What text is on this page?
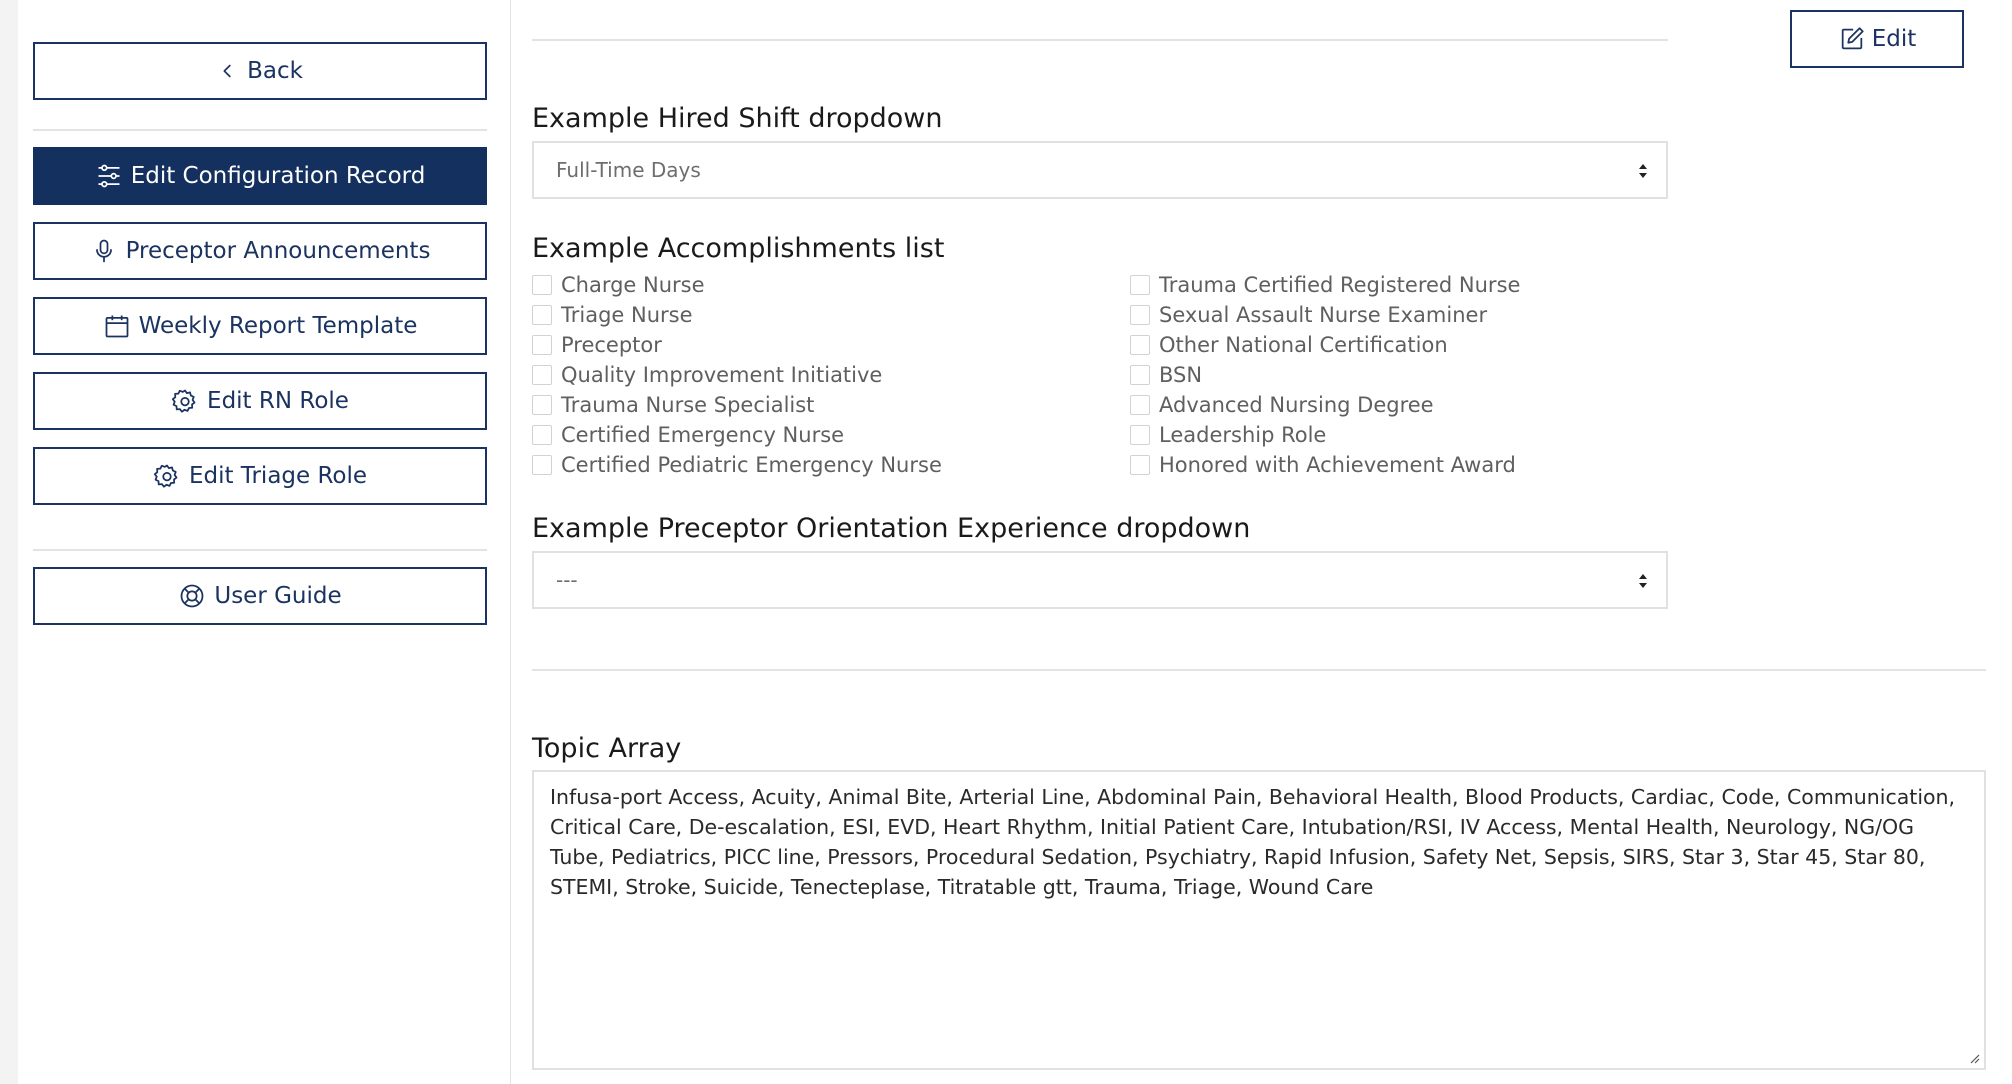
Back
Edit Configuration Record
Preceptor Announcements
Weekly Report Template
Edit RN Role
Edit Triage Role
User Guide
Edit
Example Hired Shift dropdown
Full-Time Days
Example Accomplishments list
Charge Nurse
Triage Nurse
Preceptor
Quality Improvement Initiative
Trauma Nurse Specialist
Certified Emergency Nurse
Certified Pediatric Emergency Nurse
Trauma Certified Registered Nurse
Sexual Assault Nurse Examiner
Other National Certification
BSN
Advanced Nursing Degree
Leadership Role
Honored with Achievement Award
Example Preceptor Orientation Experience dropdown
---
Topic Array
Infusa-port Access, Acuity, Animal Bite, Arterial Line, Abdominal Pain, Behavioral Health, Blood Products, Cardiac, Code, Communication, Critical Care, De-escalation, ESI, EVD, Heart Rhythm, Initial Patient Care, Intubation/RSI, IV Access, Mental Health, Neurology, NG/OG Tube, Pediatrics, PICC line, Pressors, Procedural Sedation, Psychiatry, Rapid Infusion, Safety Net, Sepsis, SIRS, Star 3, Star 45, Star 80, STEMI, Stroke, Suicide, Tenecteplase, Titratable gtt, Trauma, Triage, Wound Care
